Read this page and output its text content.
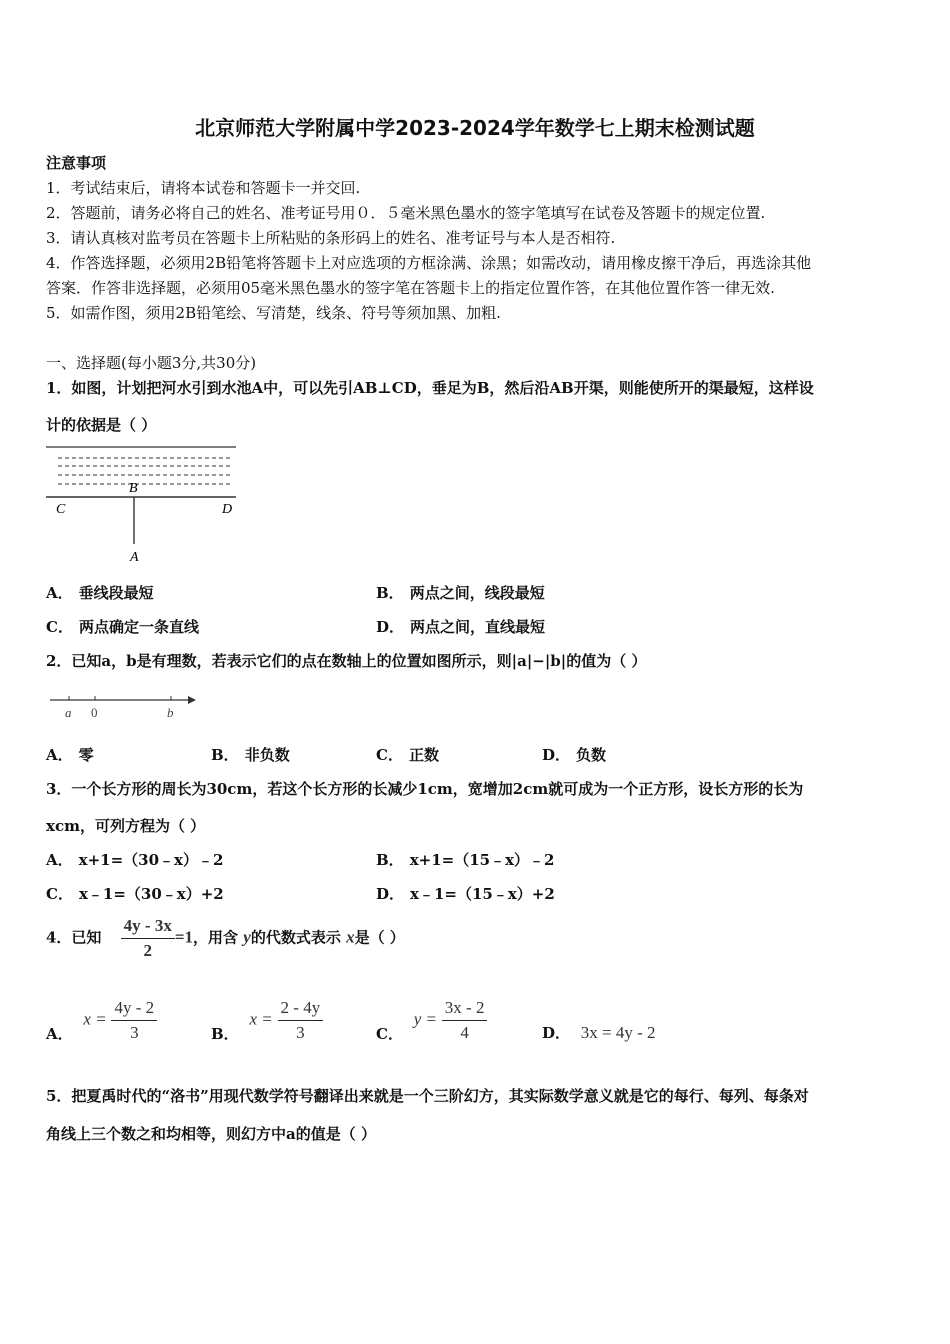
北京师范大学附属中学2023-2024学年数学七上期末检测试题
注意事项
1．考试结束后，请将本试卷和答题卡一并交回.
2．答题前，请务必将自己的姓名、准考证号用０．５毫米黑色墨水的签字笔填写在试卷及答题卡的规定位置.
3．请认真核对监考员在答题卡上所粘贴的条形码上的姓名、准考证号与本人是否相符.
4．作答选择题，必须用2B铅笔将答题卡上对应选项的方框涂满、涂黑；如需改动，请用橡皮擦干净后，再选涂其他
答案．作答非选择题，必须用05毫米黑色墨水的签字笔在答题卡上的指定位置作答，在其他位置作答一律无效.
5．如需作图，须用2B铅笔绘、写清楚，线条、符号等须加黑、加粗.
一、选择题(每小题3分,共30分)
1．如图，计划把河水引到水池A中，可以先引AB⊥CD，垂足为B，然后沿AB开渠，则能使所开的渠最短，这样设
计的依据是（ ）
B
C	D
A
A． 垂线段最短	B． 两点之间，线段最短
C． 两点确定一条直线	D． 两点之间，直线最短
2．已知a，b是有理数，若表示它们的点在数轴上的位置如图所示，则|a|−|b|的值为（ ）
a 0	b
A． 零	B． 非负数	C． 正数	D． 负数
3．一个长方形的周长为30cm，若这个长方形的长减少1cm，宽增加2cm就可成为一个正方形，设长方形的长为
xcm，可列方程为（ ）
A． x+1=（30﹣x）﹣2	B． x+1=（15﹣x）﹣2
C． x﹣1=（30﹣x）+2	D． x﹣1=（15﹣x）+2
4．已知 $\frac{4y - 3x}{2} =1$，用含 y的代数式表示 x是（ ）
A． $x = \frac{4y - 2}{3}$	B． $x = \frac{2 - 4y}{3}$	C． $y = \frac{3x - 2}{4}$	D． 3x = 4y - 2
5．把夏禹时代的“洛书”用现代数学符号翻译出来就是一个三阶幻方，其实际数学意义就是它的每行、每列、每条对
角线上三个数之和均相等，则幻方中a的值是（ ）
